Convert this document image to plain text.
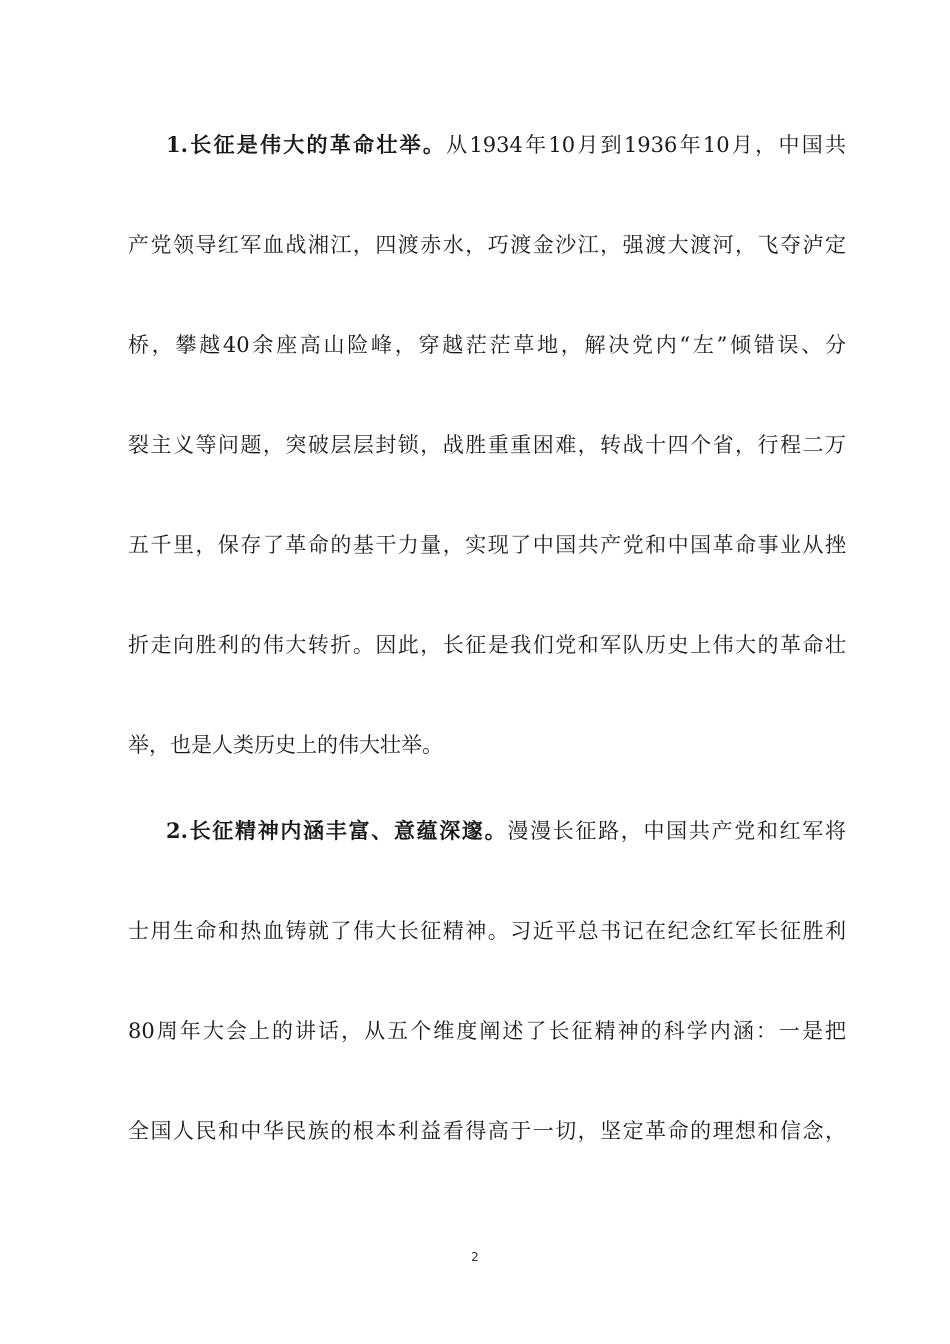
1.长征是伟大的革命壮举。从1934年10月到1936年10月，中国共
产党领导红军血战湘江，四渡赤水，巧渡金沙江，强渡大渡河，飞夺泸定
桥，攀越40余座高山险峰，穿越茫茫草地，解决党内“左”倾错误、分
裂主义等问题，突破层层封锁，战胜重重困难，转战十四个省，行程二万
五千里，保存了革命的基干力量，实现了中国共产党和中国革命事业从挫
折走向胜利的伟大转折。因此，长征是我们党和军队历史上伟大的革命壮
举，也是人类历史上的伟大壮举。
2.长征精神内涵丰富、意蕴深邃。漫漫长征路，中国共产党和红军将
士用生命和热血铸就了伟大长征精神。习近平总书记在纪念红军长征胜利
80周年大会上的讲话，从五个维度阐述了长征精神的科学内涵：一是把
全国人民和中华民族的根本利益看得高于一切，坚定革命的理想和信念，
2
